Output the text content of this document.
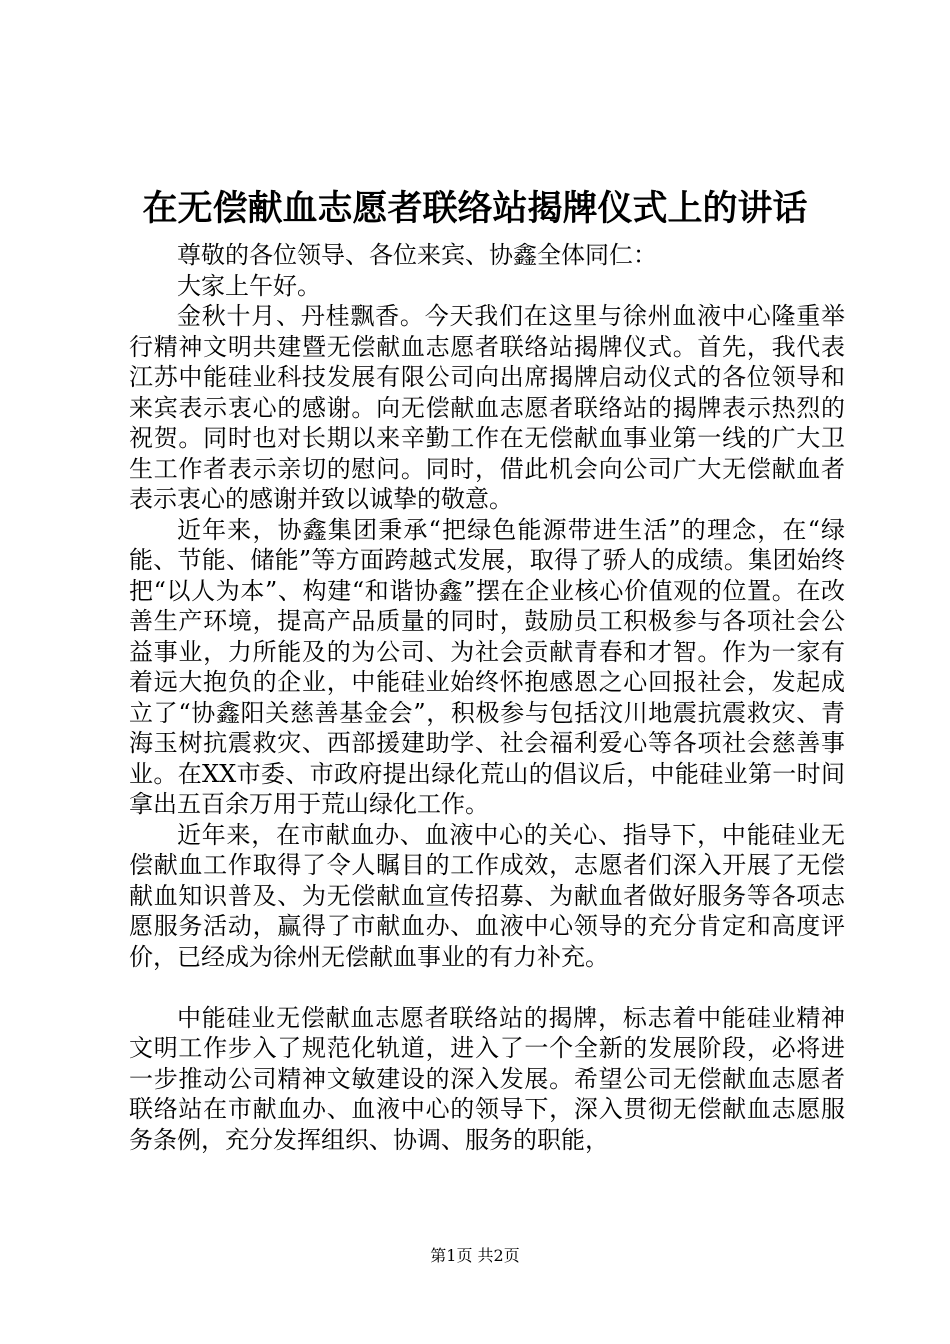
在无偿献血志愿者联络站揭牌仪式上的讲话

尊敬的各位领导、各位来宾、协鑫全体同仁：

大家上午好。

金秋十月、丹桂飘香。今天我们在这里与徐州血液中心隆重举行精神文明共建暨无偿献血志愿者联络站揭牌仪式。首先，我代表江苏中能硅业科技发展有限公司向出席揭牌启动仪式的各位领导和来宾表示衷心的感谢。向无偿献血志愿者联络站的揭牌表示热烈的祝贺。同时也对长期以来辛勤工作在无偿献血事业第一线的广大卫生工作者表示亲切的慰问。同时，借此机会向公司广大无偿献血者表示衷心的感谢并致以诚挚的敬意。

近年来，协鑫集团秉承“把绿色能源带进生活”的理念，在“绿能、节能、储能”等方面跨越式发展，取得了骄人的成绩。集团始终把“以人为本”、构建“和谐协鑫”摆在企业核心价值观的位置。在改善生产环境，提高产品质量的同时，鼓励员工积极参与各项社会公益事业，力所能及的为公司、为社会贡献青春和才智。作为一家有着远大抱负的企业，中能硅业始终怀抱感恩之心回报社会，发起成立了“协鑫阳关慈善基金会”，积极参与包括汶川地震抗震救灾、青海玉树抗震救灾、西部援建助学、社会福利爱心等各项社会慈善事业。在XX市委、市政府提出绿化荒山的倡议后，中能硅业第一时间拿出五百余万用于荒山绿化工作。

近年来，在市献血办、血液中心的关心、指导下，中能硅业无偿献血工作取得了令人瞩目的工作成效，志愿者们深入开展了无偿献血知识普及、为无偿献血宣传招募、为献血者做好服务等各项志愿服务活动，赢得了市献血办、血液中心领导的充分肯定和高度评价，已经成为徐州无偿献血事业的有力补充。

中能硅业无偿献血志愿者联络站的揭牌，标志着中能硅业精神文明工作步入了规范化轨道，进入了一个全新的发展阶段，必将进一步推动公司精神文敏建设的深入发展。希望公司无偿献血志愿者联络站在市献血办、血液中心的领导下，深入贯彻无偿献血志愿服务条例，充分发挥组织、协调、服务的职能，

第1页 共2页
